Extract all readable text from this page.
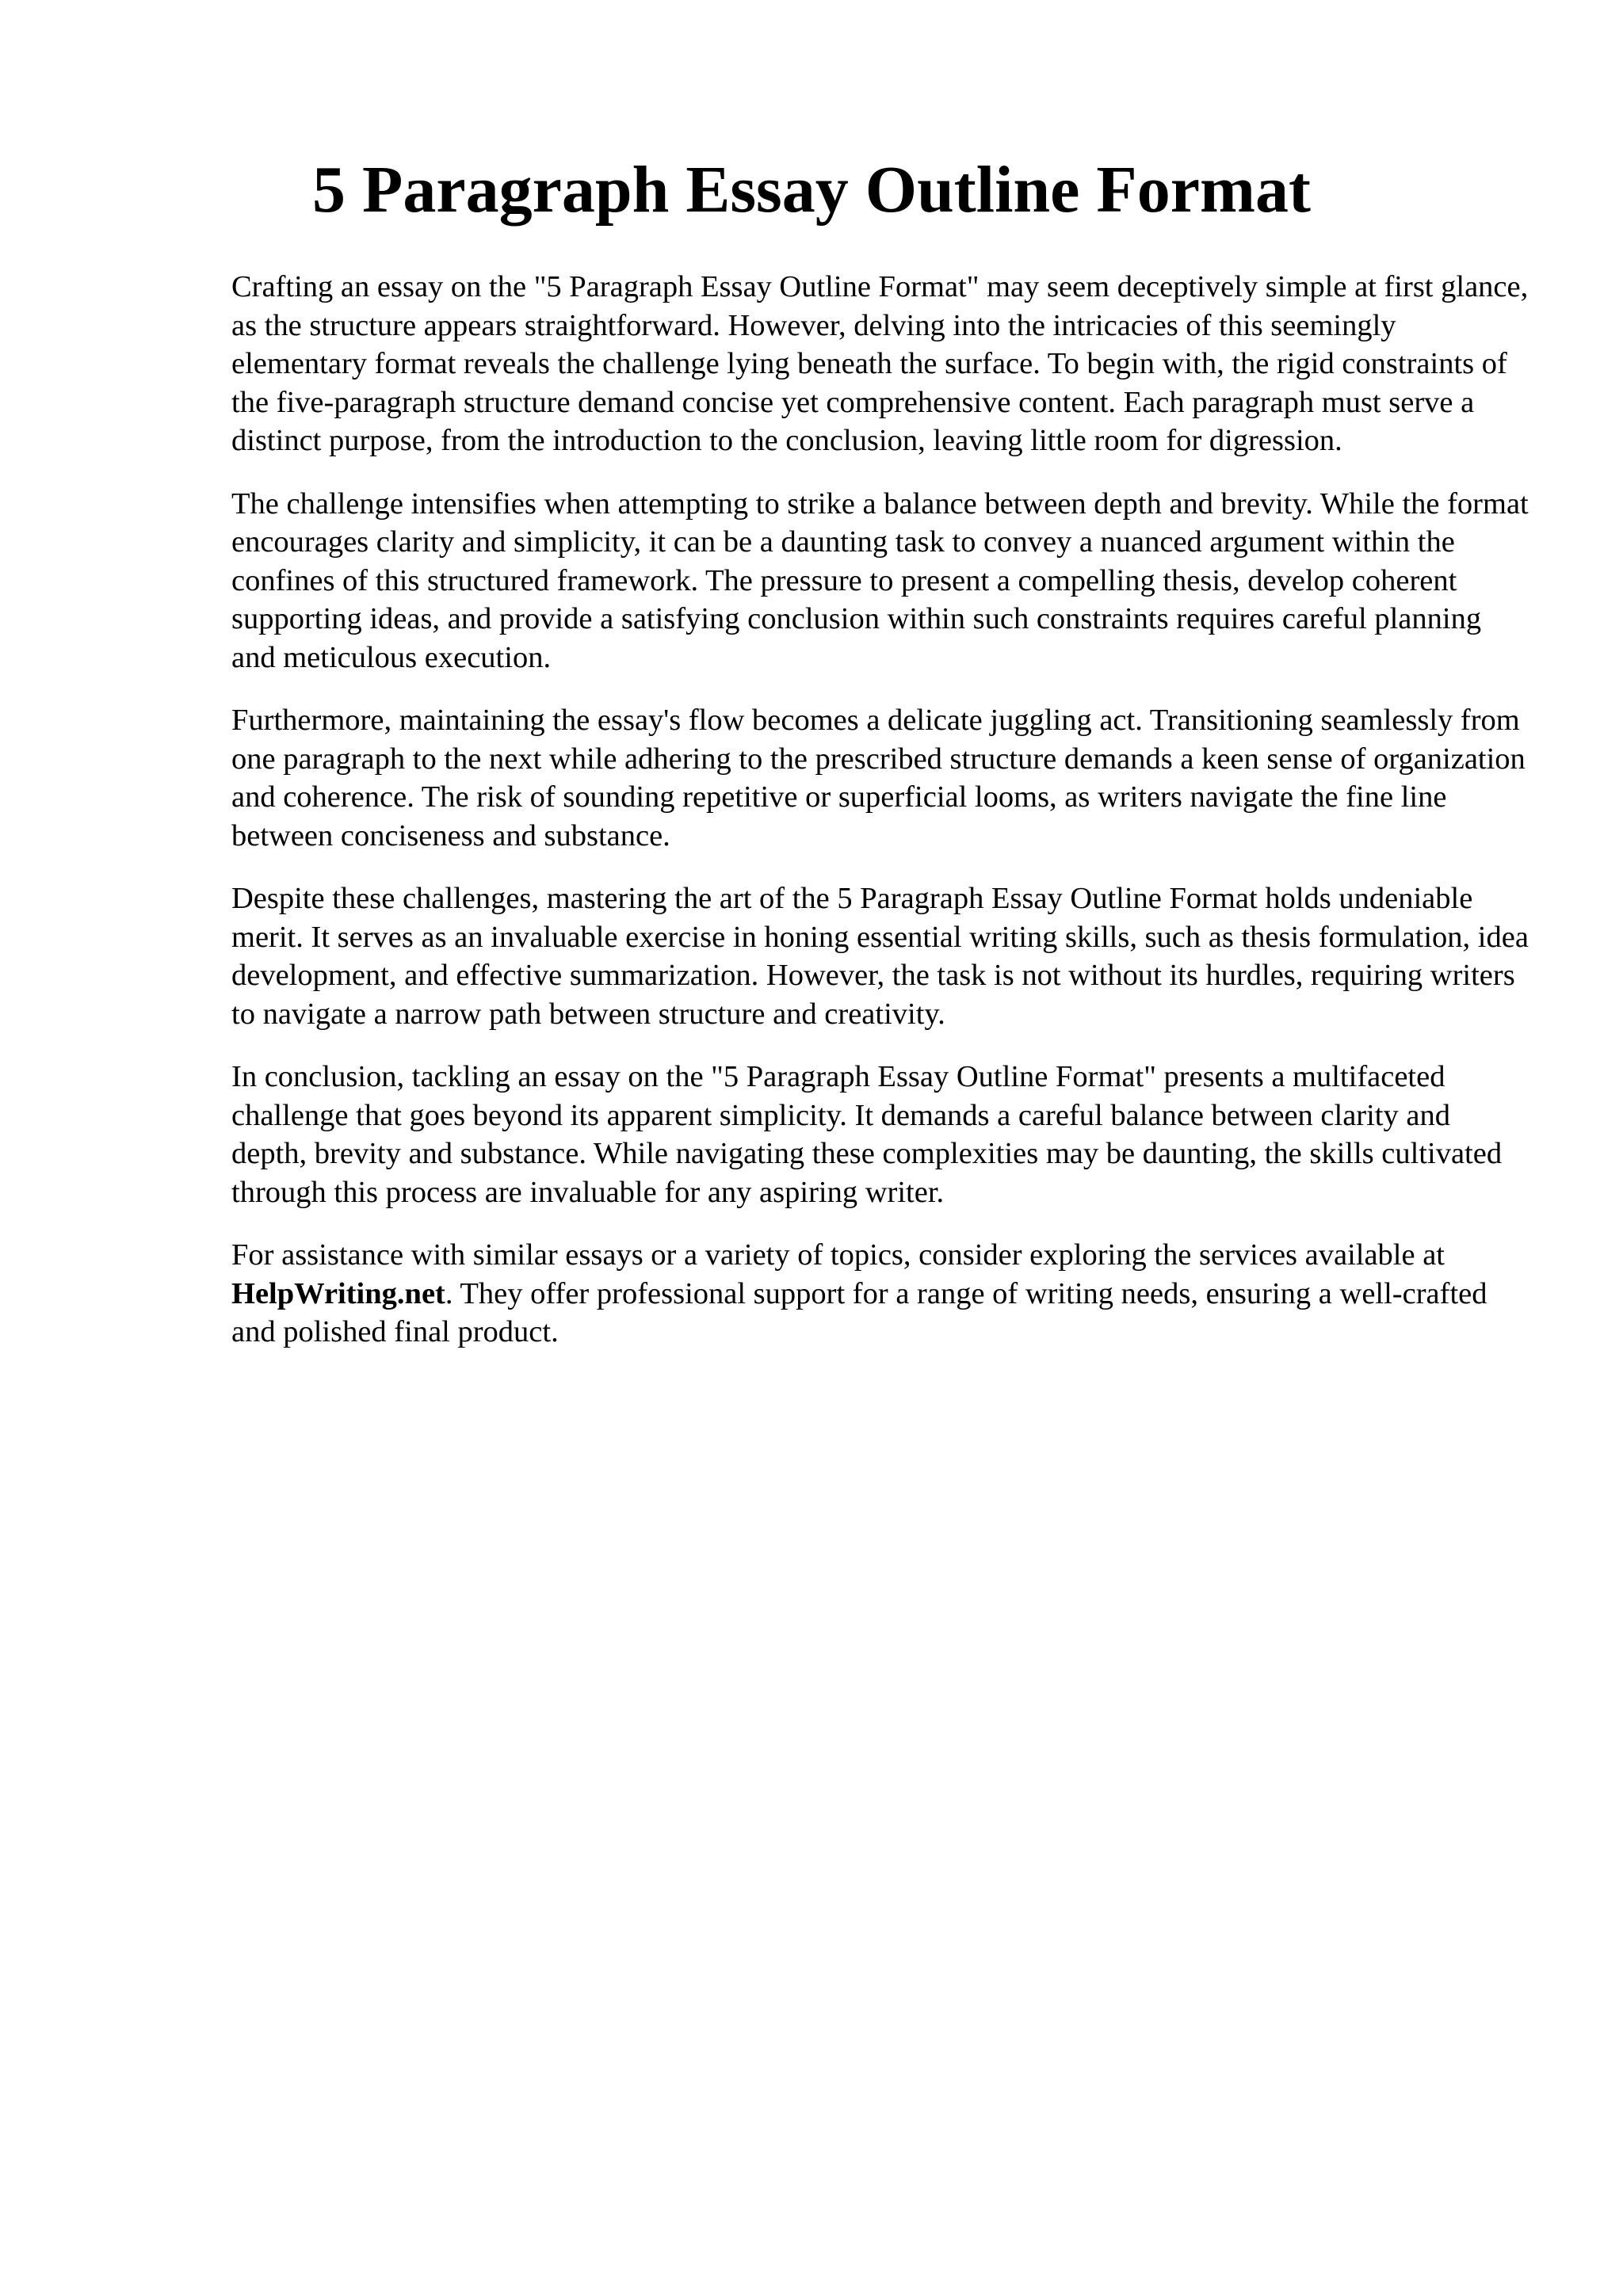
5 Paragraph Essay Outline Format

Crafting an essay on the "5 Paragraph Essay Outline Format" may seem deceptively simple at first glance, as the structure appears straightforward. However, delving into the intricacies of this seemingly elementary format reveals the challenge lying beneath the surface. To begin with, the rigid constraints of the five-paragraph structure demand concise yet comprehensive content. Each paragraph must serve a distinct purpose, from the introduction to the conclusion, leaving little room for digression.

The challenge intensifies when attempting to strike a balance between depth and brevity. While the format encourages clarity and simplicity, it can be a daunting task to convey a nuanced argument within the confines of this structured framework. The pressure to present a compelling thesis, develop coherent supporting ideas, and provide a satisfying conclusion within such constraints requires careful planning and meticulous execution.

Furthermore, maintaining the essay's flow becomes a delicate juggling act. Transitioning seamlessly from one paragraph to the next while adhering to the prescribed structure demands a keen sense of organization and coherence. The risk of sounding repetitive or superficial looms, as writers navigate the fine line between conciseness and substance.

Despite these challenges, mastering the art of the 5 Paragraph Essay Outline Format holds undeniable merit. It serves as an invaluable exercise in honing essential writing skills, such as thesis formulation, idea development, and effective summarization. However, the task is not without its hurdles, requiring writers to navigate a narrow path between structure and creativity.

In conclusion, tackling an essay on the "5 Paragraph Essay Outline Format" presents a multifaceted challenge that goes beyond its apparent simplicity. It demands a careful balance between clarity and depth, brevity and substance. While navigating these complexities may be daunting, the skills cultivated through this process are invaluable for any aspiring writer.

For assistance with similar essays or a variety of topics, consider exploring the services available atHelpWriting.net. They offer professional support for a range of writing needs, ensuring a well-crafted and polished final product.
